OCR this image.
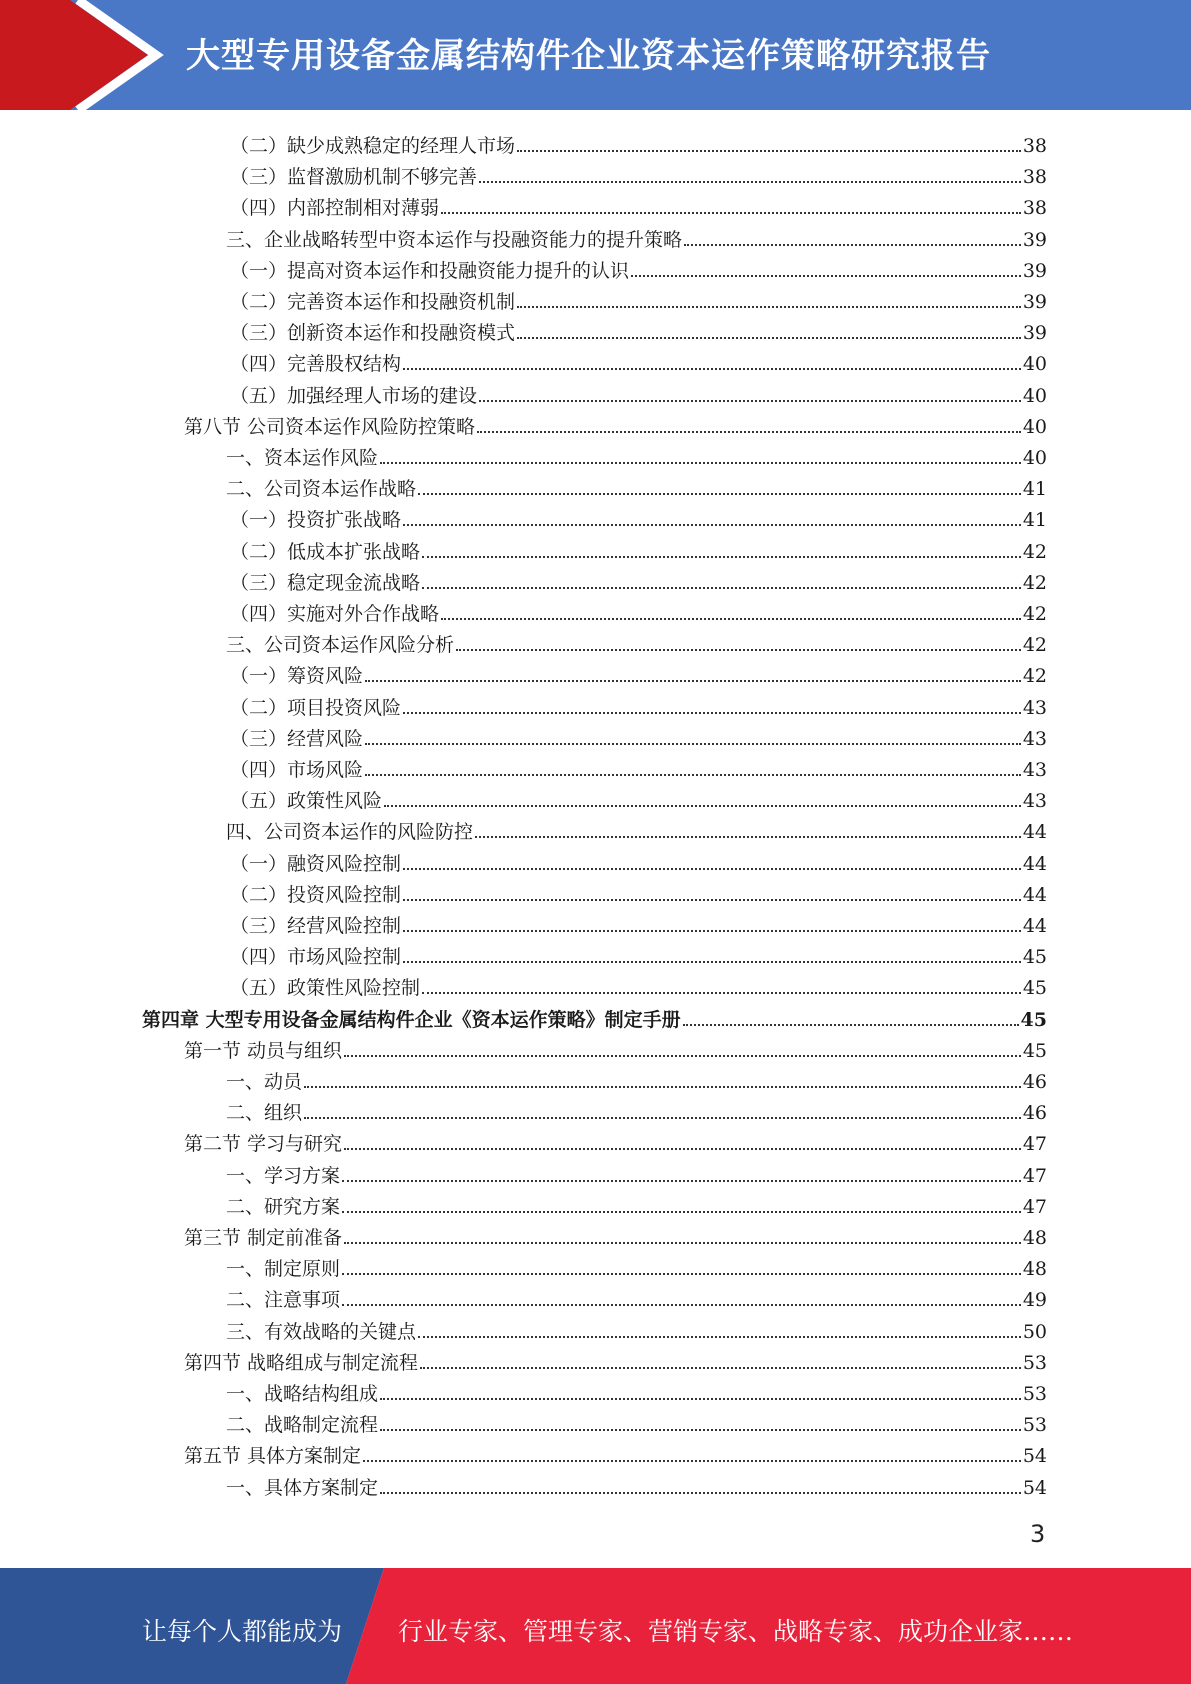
大型专用设备金属结构件企业资本运作策略研究报告
（二）缺少成熟稳定的经理人市场	38
（三）监督激励机制不够完善	38
（四）内部控制相对薄弱	38
三、企业战略转型中资本运作与投融资能力的提升策略	39
（一）提高对资本运作和投融资能力提升的认识	39
（二）完善资本运作和投融资机制	39
（三）创新资本运作和投融资模式	39
（四）完善股权结构	40
（五）加强经理人市场的建设	40
第八节 公司资本运作风险防控策略	40
一、资本运作风险	40
二、公司资本运作战略	41
（一）投资扩张战略	41
（二）低成本扩张战略	42
（三）稳定现金流战略	42
（四）实施对外合作战略	42
三、公司资本运作风险分析	42
（一）筹资风险	42
（二）项目投资风险	43
（三）经营风险	43
（四）市场风险	43
（五）政策性风险	43
四、公司资本运作的风险防控	44
（一）融资风险控制	44
（二）投资风险控制	44
（三）经营风险控制	44
（四）市场风险控制	45
（五）政策性风险控制	45
第四章 大型专用设备金属结构件企业《资本运作策略》制定手册	45
第一节 动员与组织	45
一、动员	46
二、组织	46
第二节 学习与研究	47
一、学习方案	47
二、研究方案	47
第三节 制定前准备	48
一、制定原则	48
二、注意事项	49
三、有效战略的关键点	50
第四节 战略组成与制定流程	53
一、战略结构组成	53
二、战略制定流程	53
第五节 具体方案制定	54
一、具体方案制定	54
3
让每个人都能成为 行业专家、管理专家、营销专家、战略专家、成功企业家……
